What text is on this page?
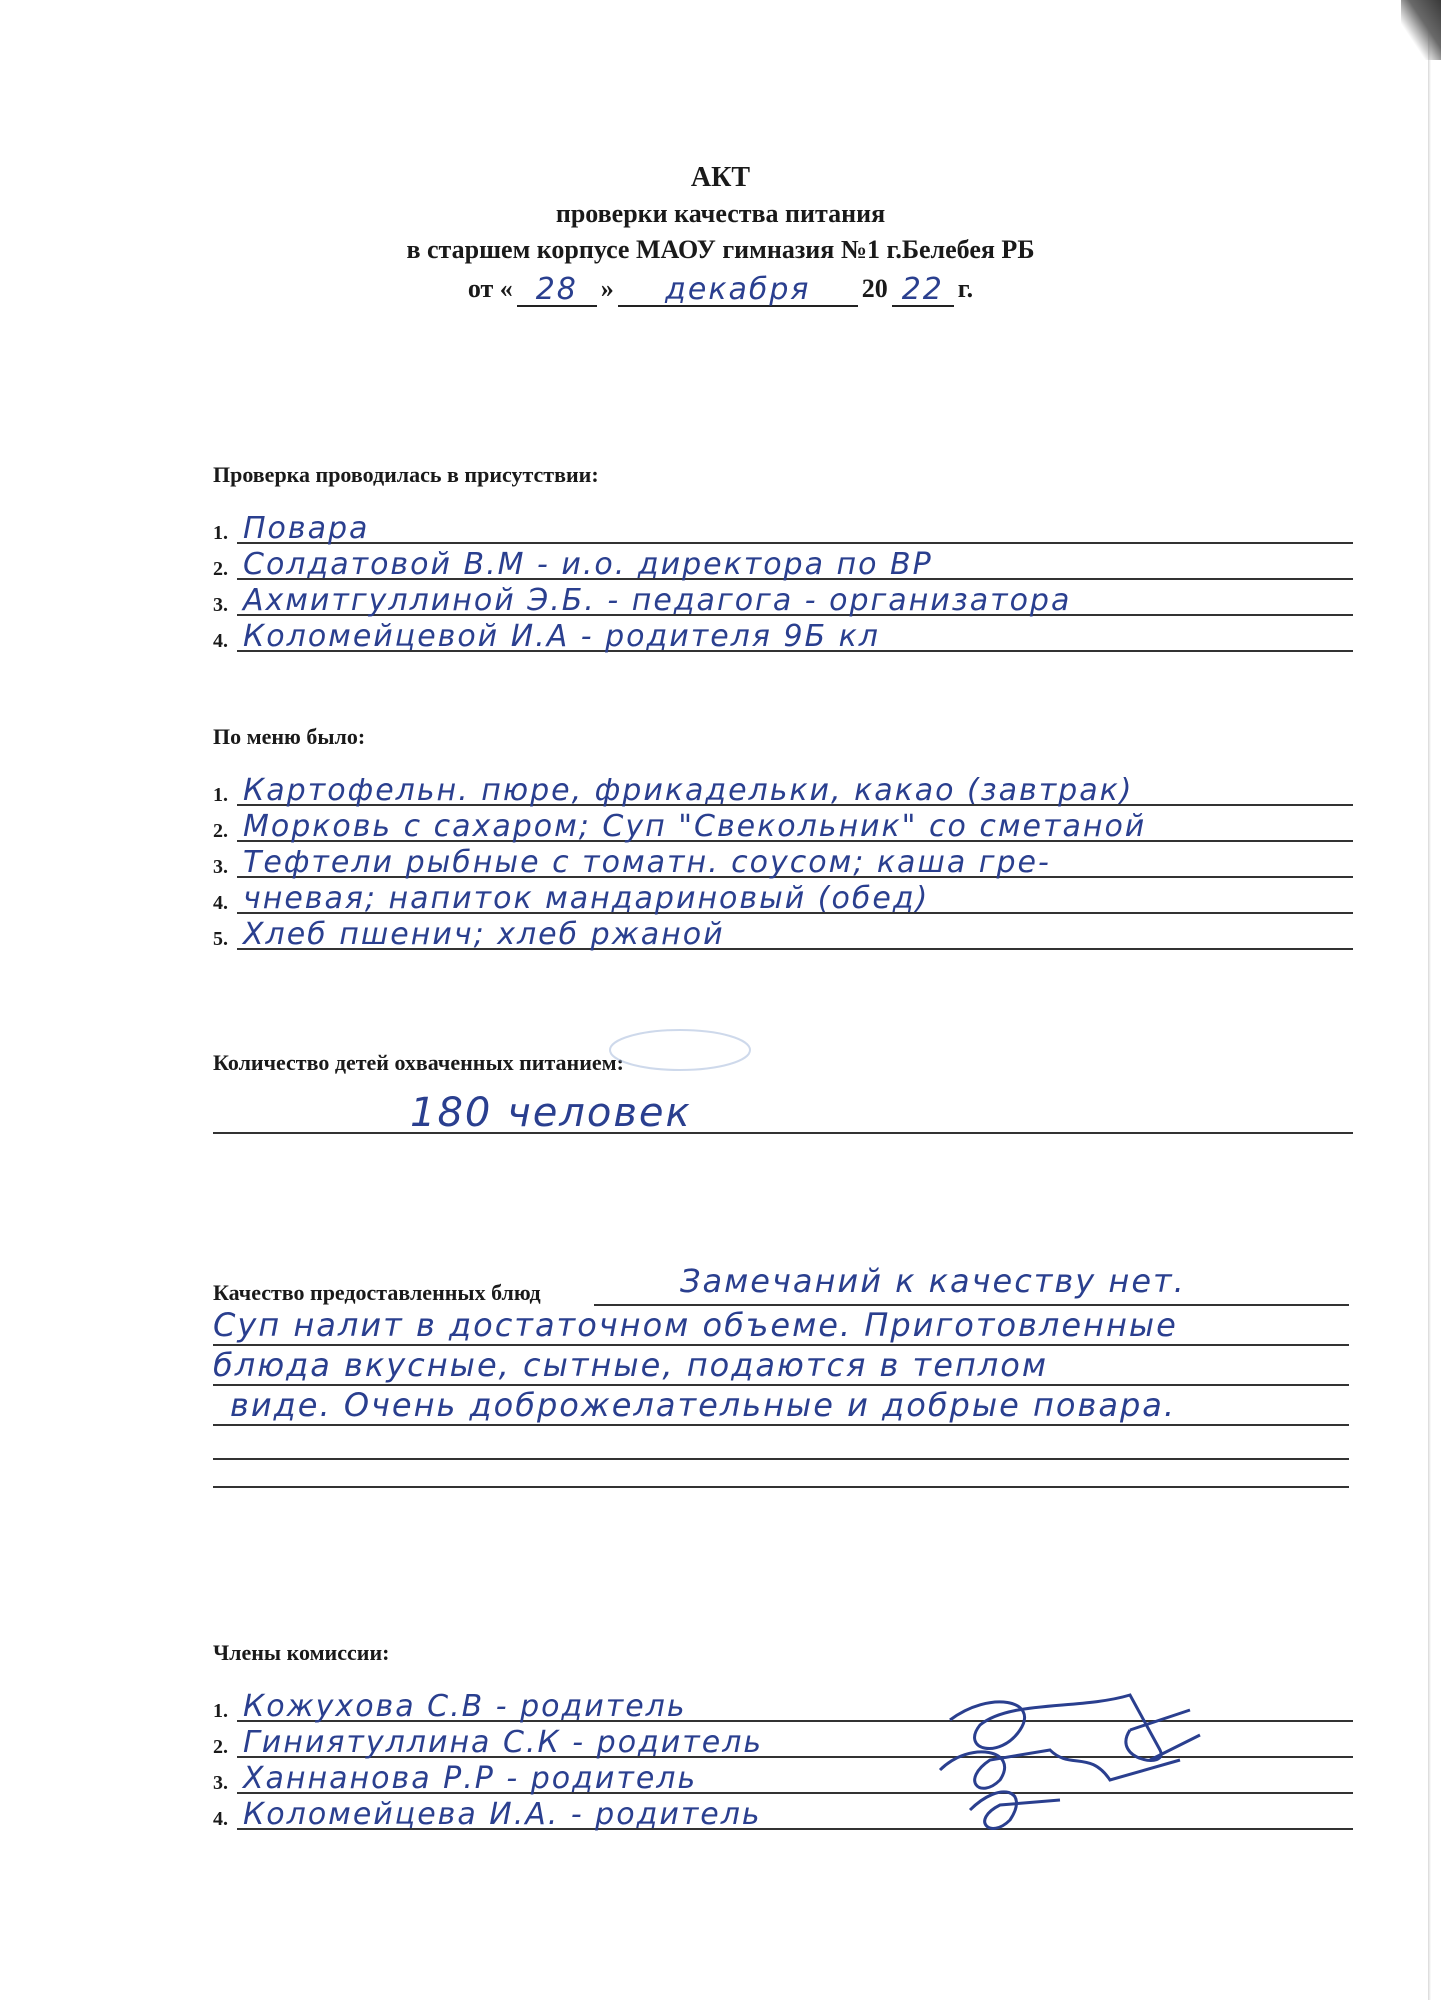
АКТ
проверки качества питания
в старшем корпусе МАОУ гимназия №1 г.Белебея РБ
от « 28 »	декабря	20 22 г.
Проверка проводилась в присутствии:
1. Повара
2. Солдатовой В.М - и.о. директора по ВР
3. Ахмитгуллиной Э.Б. - педагога - организатора
4. Коломейцевой И.А - родителя 9Б кл
По меню было:
1. Картофельн. пюре, фрикадельки, какао (завтрак)
2. Морковь с сахаром; Суп "Свекольник" со сметаной
3. Тефтели рыбные с томатн. соусом; каша гре-
4. чневая; напиток мандариновый (обед)
5. Хлеб пшенич; хлеб ржаной
Количество детей охваченных питанием:
180 человек
Качество предоставленных блюд	Замечаний к качеству нет.
Суп налит в достаточном объеме. Приготовленные
блюда вкусные, сытные, подаются в теплом
виде. Очень доброжелательные и добрые повара.
Члены комиссии:
1. Кожухова С.В - родитель
2. Гиниятуллина С.К - родитель
3. Ханнанова Р.Р - родитель
4. Коломейцева И.А. - родитель
